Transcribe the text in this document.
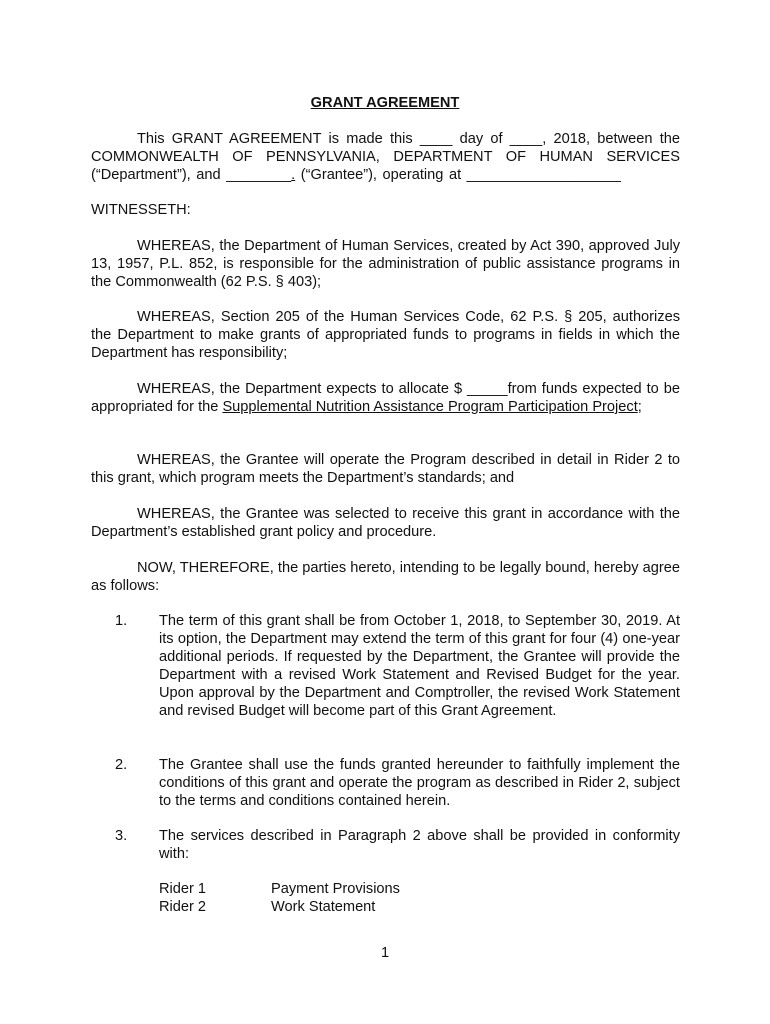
GRANT AGREEMENT

This GRANT AGREEMENT is made this ____ day of ____, 2018, between the
COMMONWEALTH OF PENNSYLVANIA, DEPARTMENT OF HUMAN SERVICES
(“Department”), and ________. (“Grantee”), operating at ___________________

WITNESSETH:

WHEREAS, the Department of Human Services, created by Act 390, approved July 13, 1957, P.L. 852, is responsible for the administration of public assistance programs in the Commonwealth (62 P.S. § 403);

WHEREAS, Section 205 of the Human Services Code, 62 P.S. § 205, authorizes the Department to make grants of appropriated funds to programs in fields in which the Department has responsibility;

WHEREAS, the Department expects to allocate $ _____from funds expected to be appropriated for the Supplemental Nutrition Assistance Program Participation Project;

WHEREAS, the Grantee will operate the Program described in detail in Rider 2 to this grant, which program meets the Department’s standards; and

WHEREAS, the Grantee was selected to receive this grant in accordance with the Department’s established grant policy and procedure.

NOW, THEREFORE, the parties hereto, intending to be legally bound, hereby agree as follows:

1. The term of this grant shall be from October 1, 2018, to September 30, 2019. At its option, the Department may extend the term of this grant for four (4) one-year additional periods. If requested by the Department, the Grantee will provide the Department with a revised Work Statement and Revised Budget for the year. Upon approval by the Department and Comptroller, the revised Work Statement and revised Budget will become part of this Grant Agreement.
2. The Grantee shall use the funds granted hereunder to faithfully implement the conditions of this grant and operate the program as described in Rider 2, subject to the terms and conditions contained herein.
3. The services described in Paragraph 2 above shall be provided in conformity with:
Rider 1	Payment Provisions
Rider 2	Work Statement
1
